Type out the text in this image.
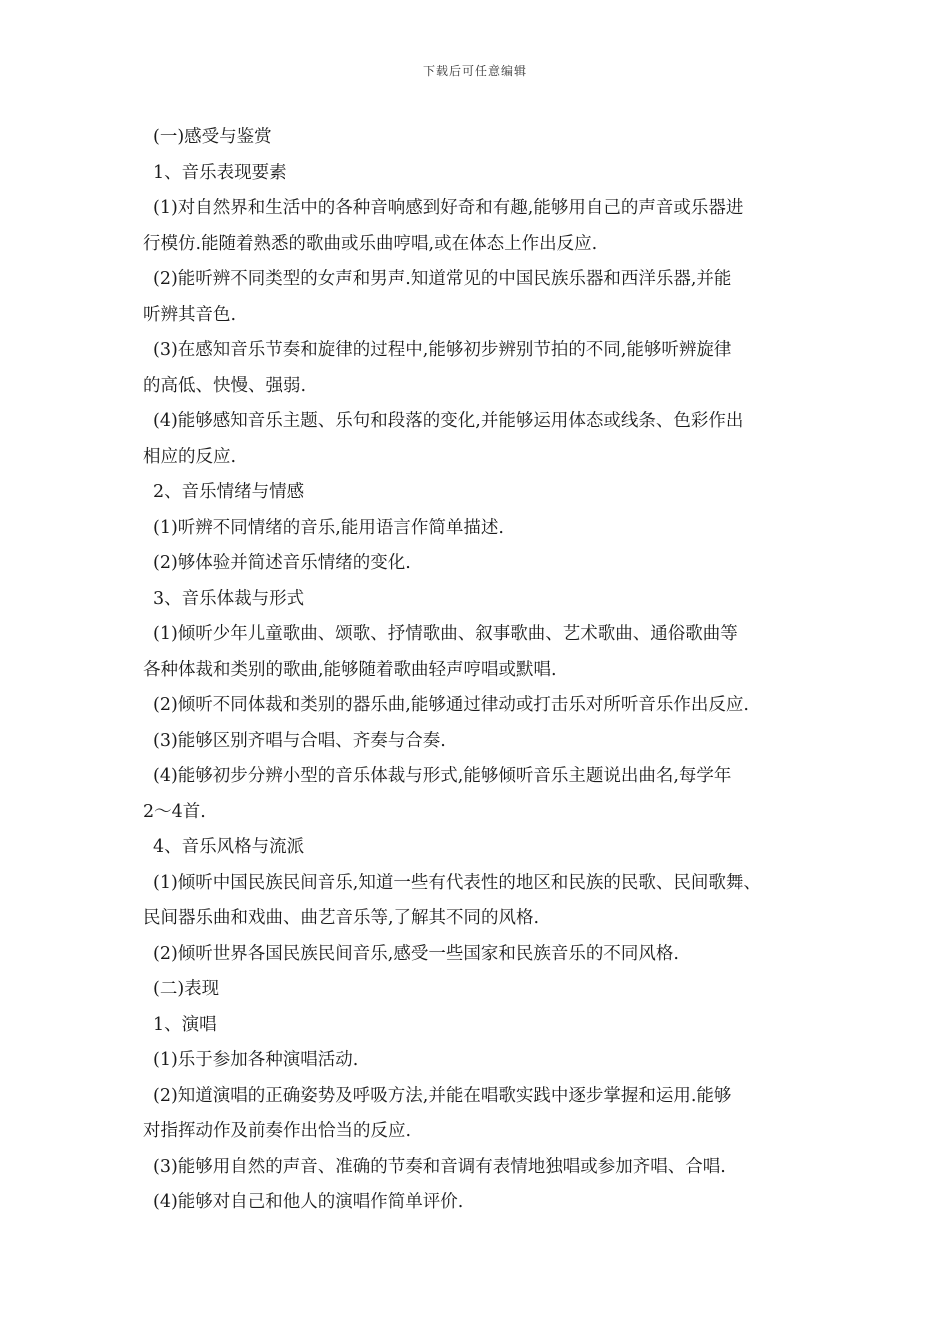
下载后可任意编辑
(一)感受与鉴赏
1、音乐表现要素
(1)对自然界和生活中的各种音响感到好奇和有趣,能够用自己的声音或乐器进
行模仿.能随着熟悉的歌曲或乐曲哼唱,或在体态上作出反应.
(2)能听辨不同类型的女声和男声.知道常见的中国民族乐器和西洋乐器,并能
听辨其音色.
(3)在感知音乐节奏和旋律的过程中,能够初步辨别节拍的不同,能够听辨旋律
的高低、快慢、强弱.
(4)能够感知音乐主题、乐句和段落的变化,并能够运用体态或线条、色彩作出
相应的反应.
2、音乐情绪与情感
(1)听辨不同情绪的音乐,能用语言作简单描述.
(2)够体验并简述音乐情绪的变化.
3、音乐体裁与形式
(1)倾听少年儿童歌曲、颂歌、抒情歌曲、叙事歌曲、艺术歌曲、通俗歌曲等
各种体裁和类别的歌曲,能够随着歌曲轻声哼唱或默唱.
(2)倾听不同体裁和类别的器乐曲,能够通过律动或打击乐对所听音乐作出反应.
(3)能够区别齐唱与合唱、齐奏与合奏.
(4)能够初步分辨小型的音乐体裁与形式,能够倾听音乐主题说出曲名,每学年
2～4首.
4、音乐风格与流派
(1)倾听中国民族民间音乐,知道一些有代表性的地区和民族的民歌、民间歌舞、
民间器乐曲和戏曲、曲艺音乐等,了解其不同的风格.
(2)倾听世界各国民族民间音乐,感受一些国家和民族音乐的不同风格.
(二)表现
1、演唱
(1)乐于参加各种演唱活动.
(2)知道演唱的正确姿势及呼吸方法,并能在唱歌实践中逐步掌握和运用.能够
对指挥动作及前奏作出恰当的反应.
(3)能够用自然的声音、准确的节奏和音调有表情地独唱或参加齐唱、合唱.
(4)能够对自己和他人的演唱作简单评价.
